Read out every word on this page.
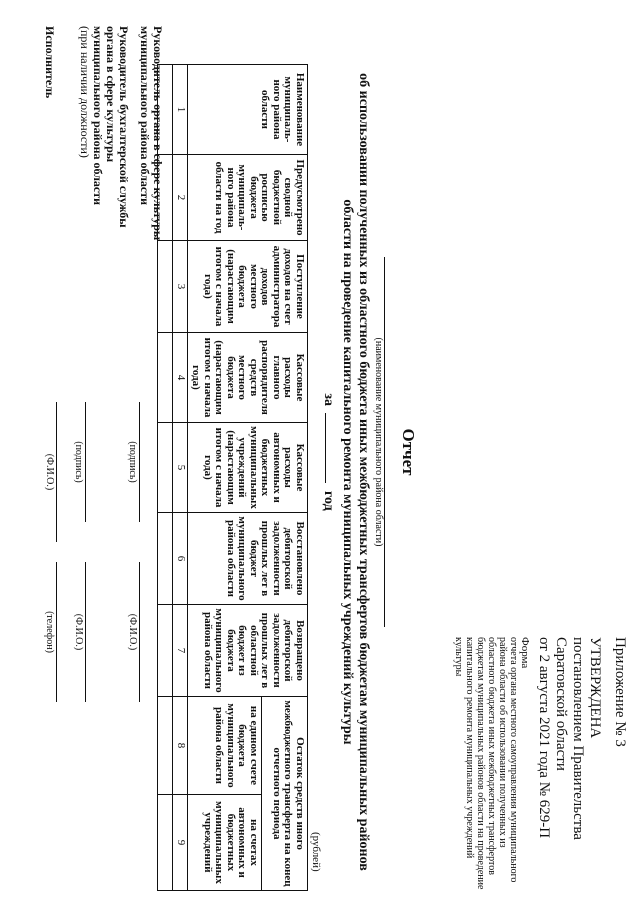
Приложение № 3
УТВЕРЖДЕНА
постановлением Правительства
Саратовской области
от 2 августа 2021 года № 629-П
Форма
отчета органа местного самоуправления муниципального района области об использовании полученных из областного бюджета иных межбюджетных трансфертов бюджетам муниципальных районов области на проведение капитального ремонта муниципальных учреждений культуры
Отчет
(наименование муниципального района области)
об использовании полученных из областного бюджета иных межбюджетных трансфертов бюджетам муниципальных районов области на проведение капитального ремонта муниципальных учреждений культуры
за  год
(рублей)
Наименование муниципаль-ного района области	Предусмотрено сводной бюджетной росписью бюджета муниципаль-ного района области на год	Поступление доходов на счет администратора доходов местного бюджета (нарастающим итогом с начала года)	Кассовые расходы главного распорядителя средств местного бюджета (нарастающим итогом с начала года)	Кассовые расходы автономных и бюджетных муниципальных учреждений (нарастающим итогом с начала года)	Восстановлено дебиторской задолженности прошлых лет в бюджет муниципального района области	Возвращено дебиторской задолженности прошлых лет в областной бюджет из бюджета муниципального района области	Остаток средств иного межбюджетного трансферта на конец отчетного периода	
							на едином счете бюджета муниципального района области	на счетах автономных и бюджетных муниципальных учреждений
1	2	3	4	5	6	7	8	9

Руководитель органа в сфере культуры
муниципального района области
(подпись)
(Ф.И.О.)
Руководитель бухгалтерской службы
органа в сфере культуры
муниципального района области
(при наличии должности)
(подпись)
(Ф.И.О.)
Исполнитель
(Ф.И.О.)
(телефон)
